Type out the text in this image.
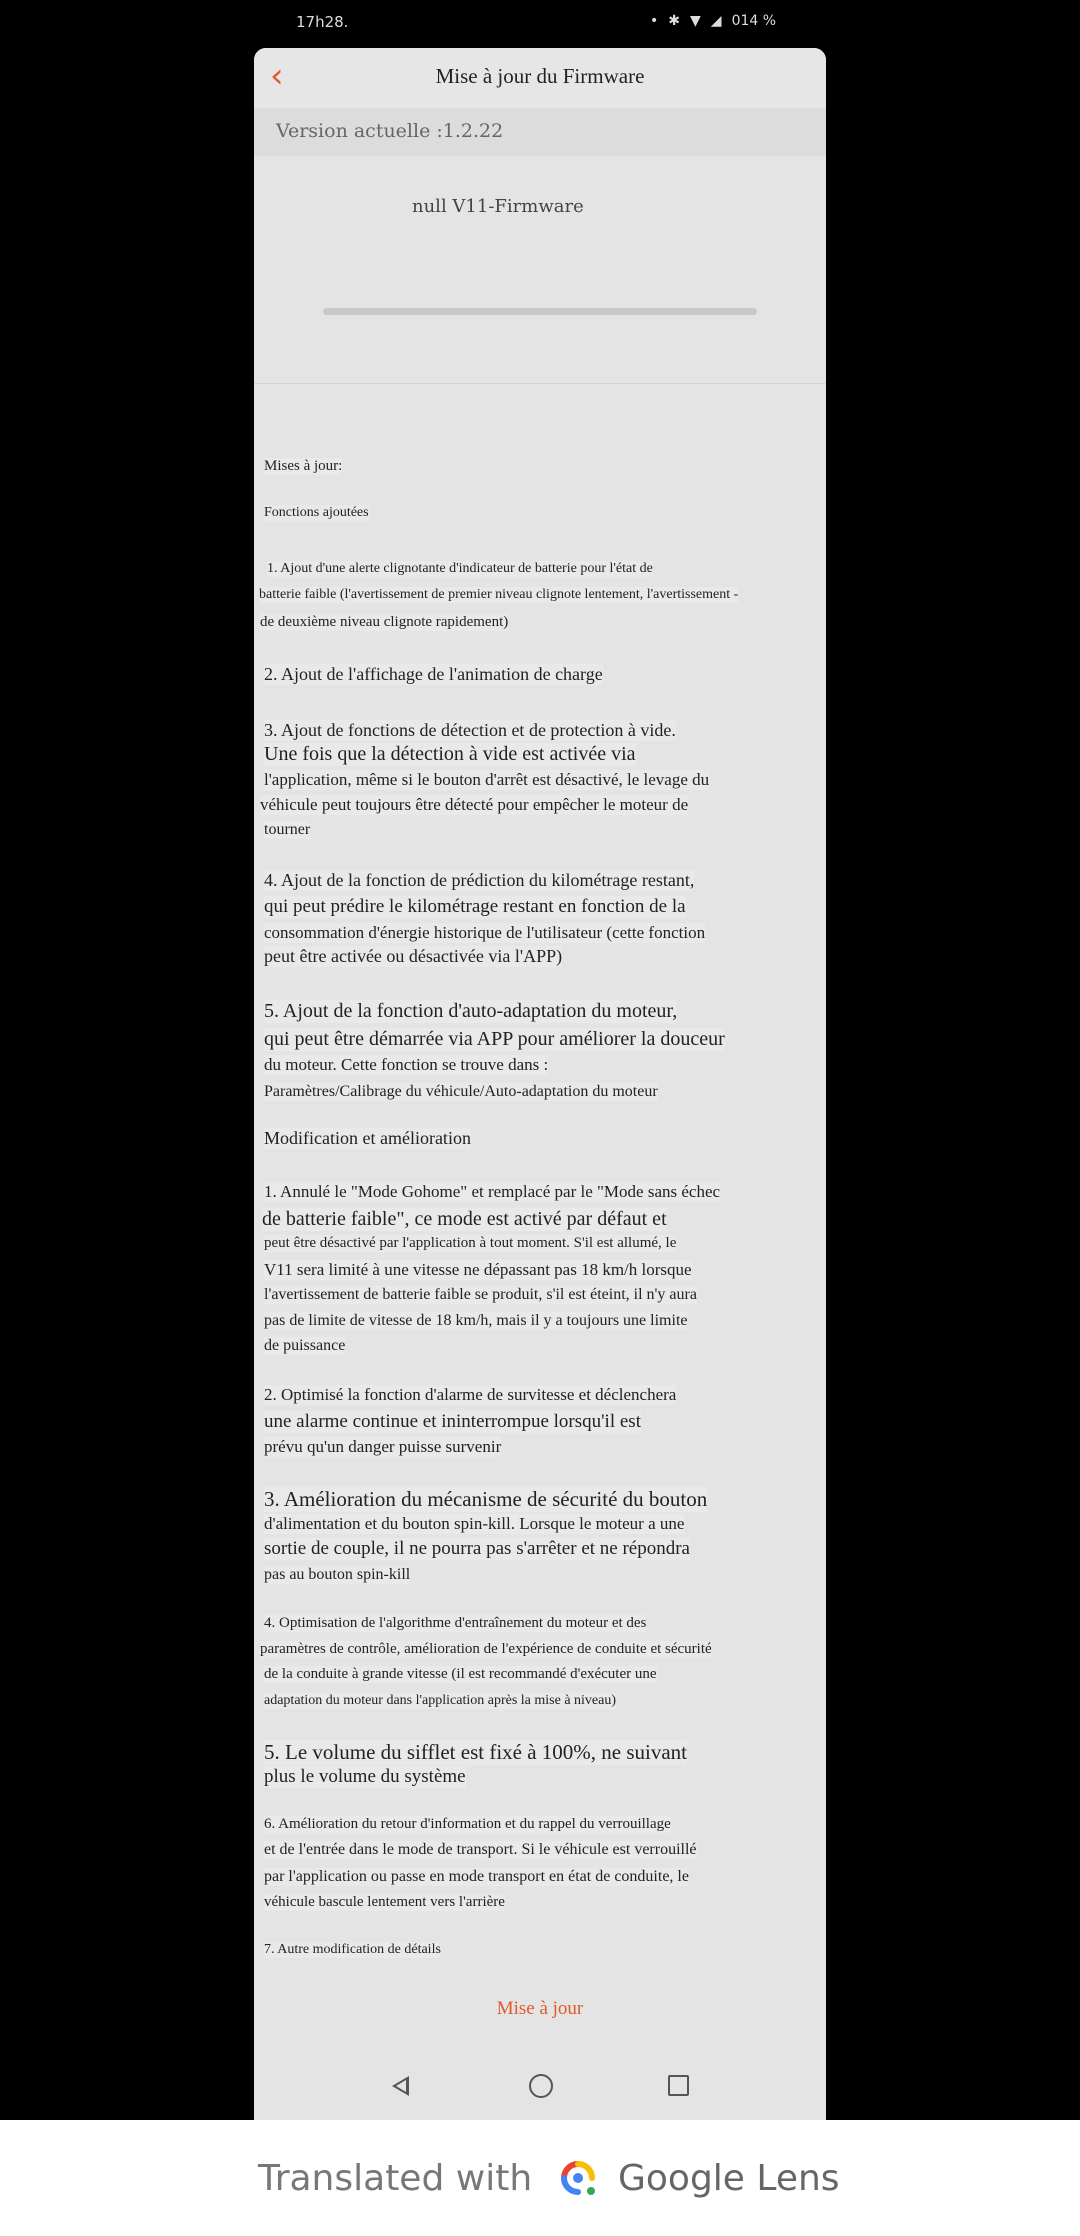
17h28.	• ✱ ▼ ◢ 014 %
‹	Mise à jour du Firmware
Version actuelle :1.2.22
null V11-Firmware
Mises à jour:
Fonctions ajoutées
1. Ajout d'une alerte clignotante d'indicateur de batterie pour l'état de
batterie faible (l'avertissement de premier niveau clignote lentement, l'avertissement -
de deuxième niveau clignote rapidement)
2. Ajout de l'affichage de l'animation de charge
3. Ajout de fonctions de détection et de protection à vide.
Une fois que la détection à vide est activée via
l'application, même si le bouton d'arrêt est désactivé, le levage du
véhicule peut toujours être détecté pour empêcher le moteur de
tourner
4. Ajout de la fonction de prédiction du kilométrage restant,
qui peut prédire le kilométrage restant en fonction de la
consommation d'énergie historique de l'utilisateur (cette fonction
peut être activée ou désactivée via l'APP)
5. Ajout de la fonction d'auto-adaptation du moteur,
qui peut être démarrée via APP pour améliorer la douceur
du moteur. Cette fonction se trouve dans :
Paramètres/Calibrage du véhicule/Auto-adaptation du moteur
Modification et amélioration
1. Annulé le "Mode Gohome" et remplacé par le "Mode sans échec
de batterie faible", ce mode est activé par défaut et
peut être désactivé par l'application à tout moment. S'il est allumé, le
V11 sera limité à une vitesse ne dépassant pas 18 km/h lorsque
l'avertissement de batterie faible se produit, s'il est éteint, il n'y aura
pas de limite de vitesse de 18 km/h, mais il y a toujours une limite
de puissance
2. Optimisé la fonction d'alarme de survitesse et déclenchera
une alarme continue et ininterrompue lorsqu'il est
prévu qu'un danger puisse survenir
3. Amélioration du mécanisme de sécurité du bouton
d'alimentation et du bouton spin-kill. Lorsque le moteur a une
sortie de couple, il ne pourra pas s'arrêter et ne répondra
pas au bouton spin-kill
4. Optimisation de l'algorithme d'entraînement du moteur et des
paramètres de contrôle, amélioration de l'expérience de conduite et sécurité
de la conduite à grande vitesse (il est recommandé d'exécuter une
adaptation du moteur dans l'application après la mise à niveau)
5. Le volume du sifflet est fixé à 100%, ne suivant
plus le volume du système
6. Amélioration du retour d'information et du rappel du verrouillage
et de l'entrée dans le mode de transport. Si le véhicule est verrouillé
par l'application ou passe en mode transport en état de conduite, le
véhicule bascule lentement vers l'arrière
7. Autre modification de détails
Mise à jour
Translated with Google Lens
